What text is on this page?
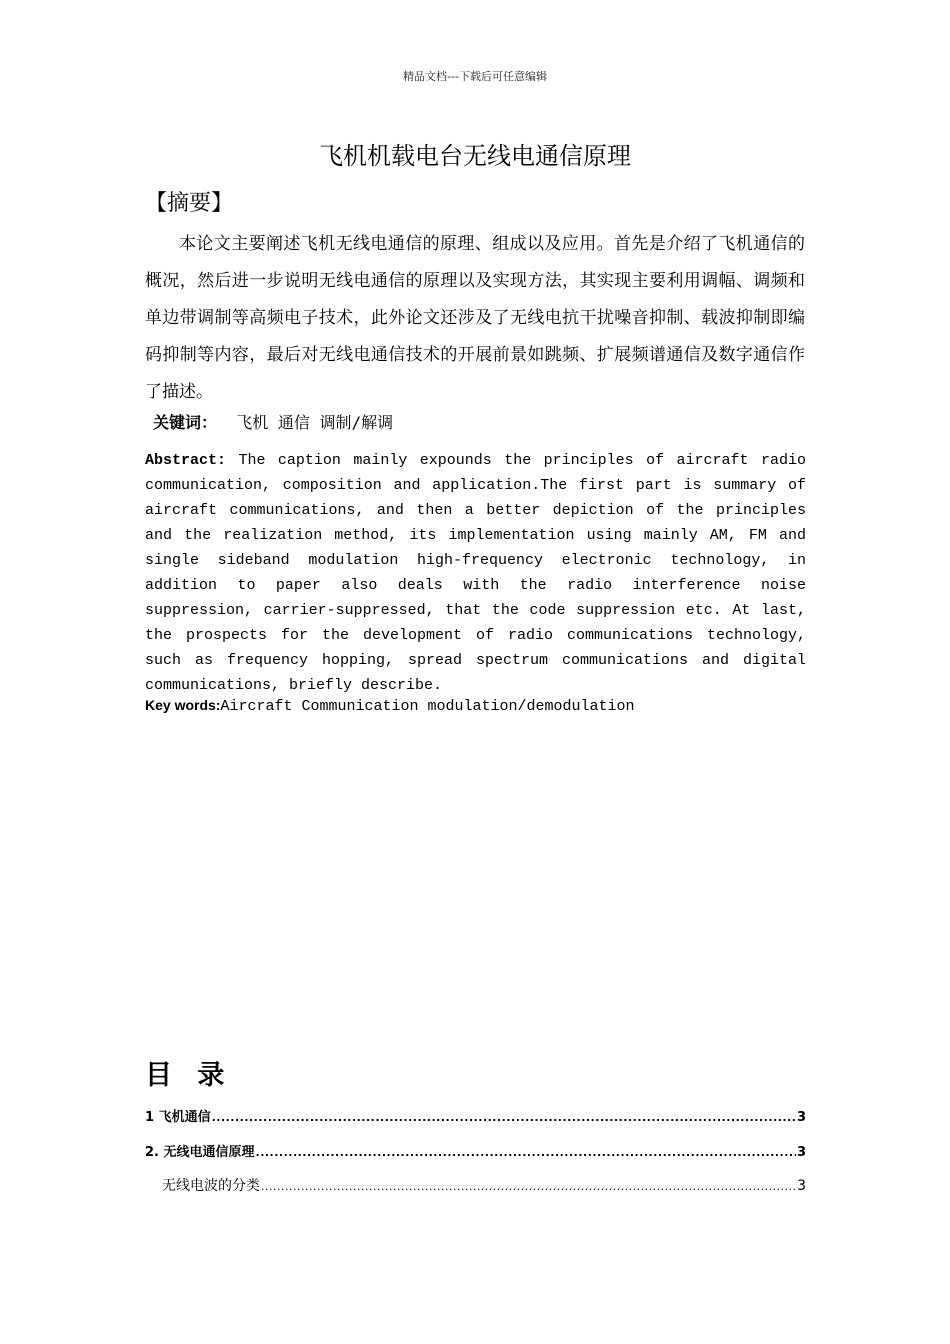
精品文档---下载后可任意编辑
飞机机载电台无线电通信原理
【摘要】
本论文主要阐述飞机无线电通信的原理、组成以及应用。首先是介绍了飞机通信的概况，然后进一步说明无线电通信的原理以及实现方法，其实现主要利用调幅、调频和单边带调制等高频电子技术，此外论文还涉及了无线电抗干扰噪音抑制、载波抑制即编码抑制等内容，最后对无线电通信技术的开展前景如跳频、扩展频谱通信及数字通信作了描述。
关键词：  飞机 通信 调制/解调
Abstract: The caption mainly expounds the principles of aircraft radio communication, composition and application.The first part is summary of aircraft communications, and then a better depiction of the principles and the realization method, its implementation using mainly AM, FM and single sideband modulation high-frequency electronic technology, in addition to paper also deals with the radio interference noise suppression, carrier-suppressed, that the code suppression etc. At last, the prospects for the development of radio communications technology, such as frequency hopping, spread spectrum communications and digital communications, briefly describe.
Key words:Aircraft Communication modulation/demodulation
目 录
1 飞机通信 .....	3
2. 无线电通信原理 .....	3
无线电波的分类 .....	3
